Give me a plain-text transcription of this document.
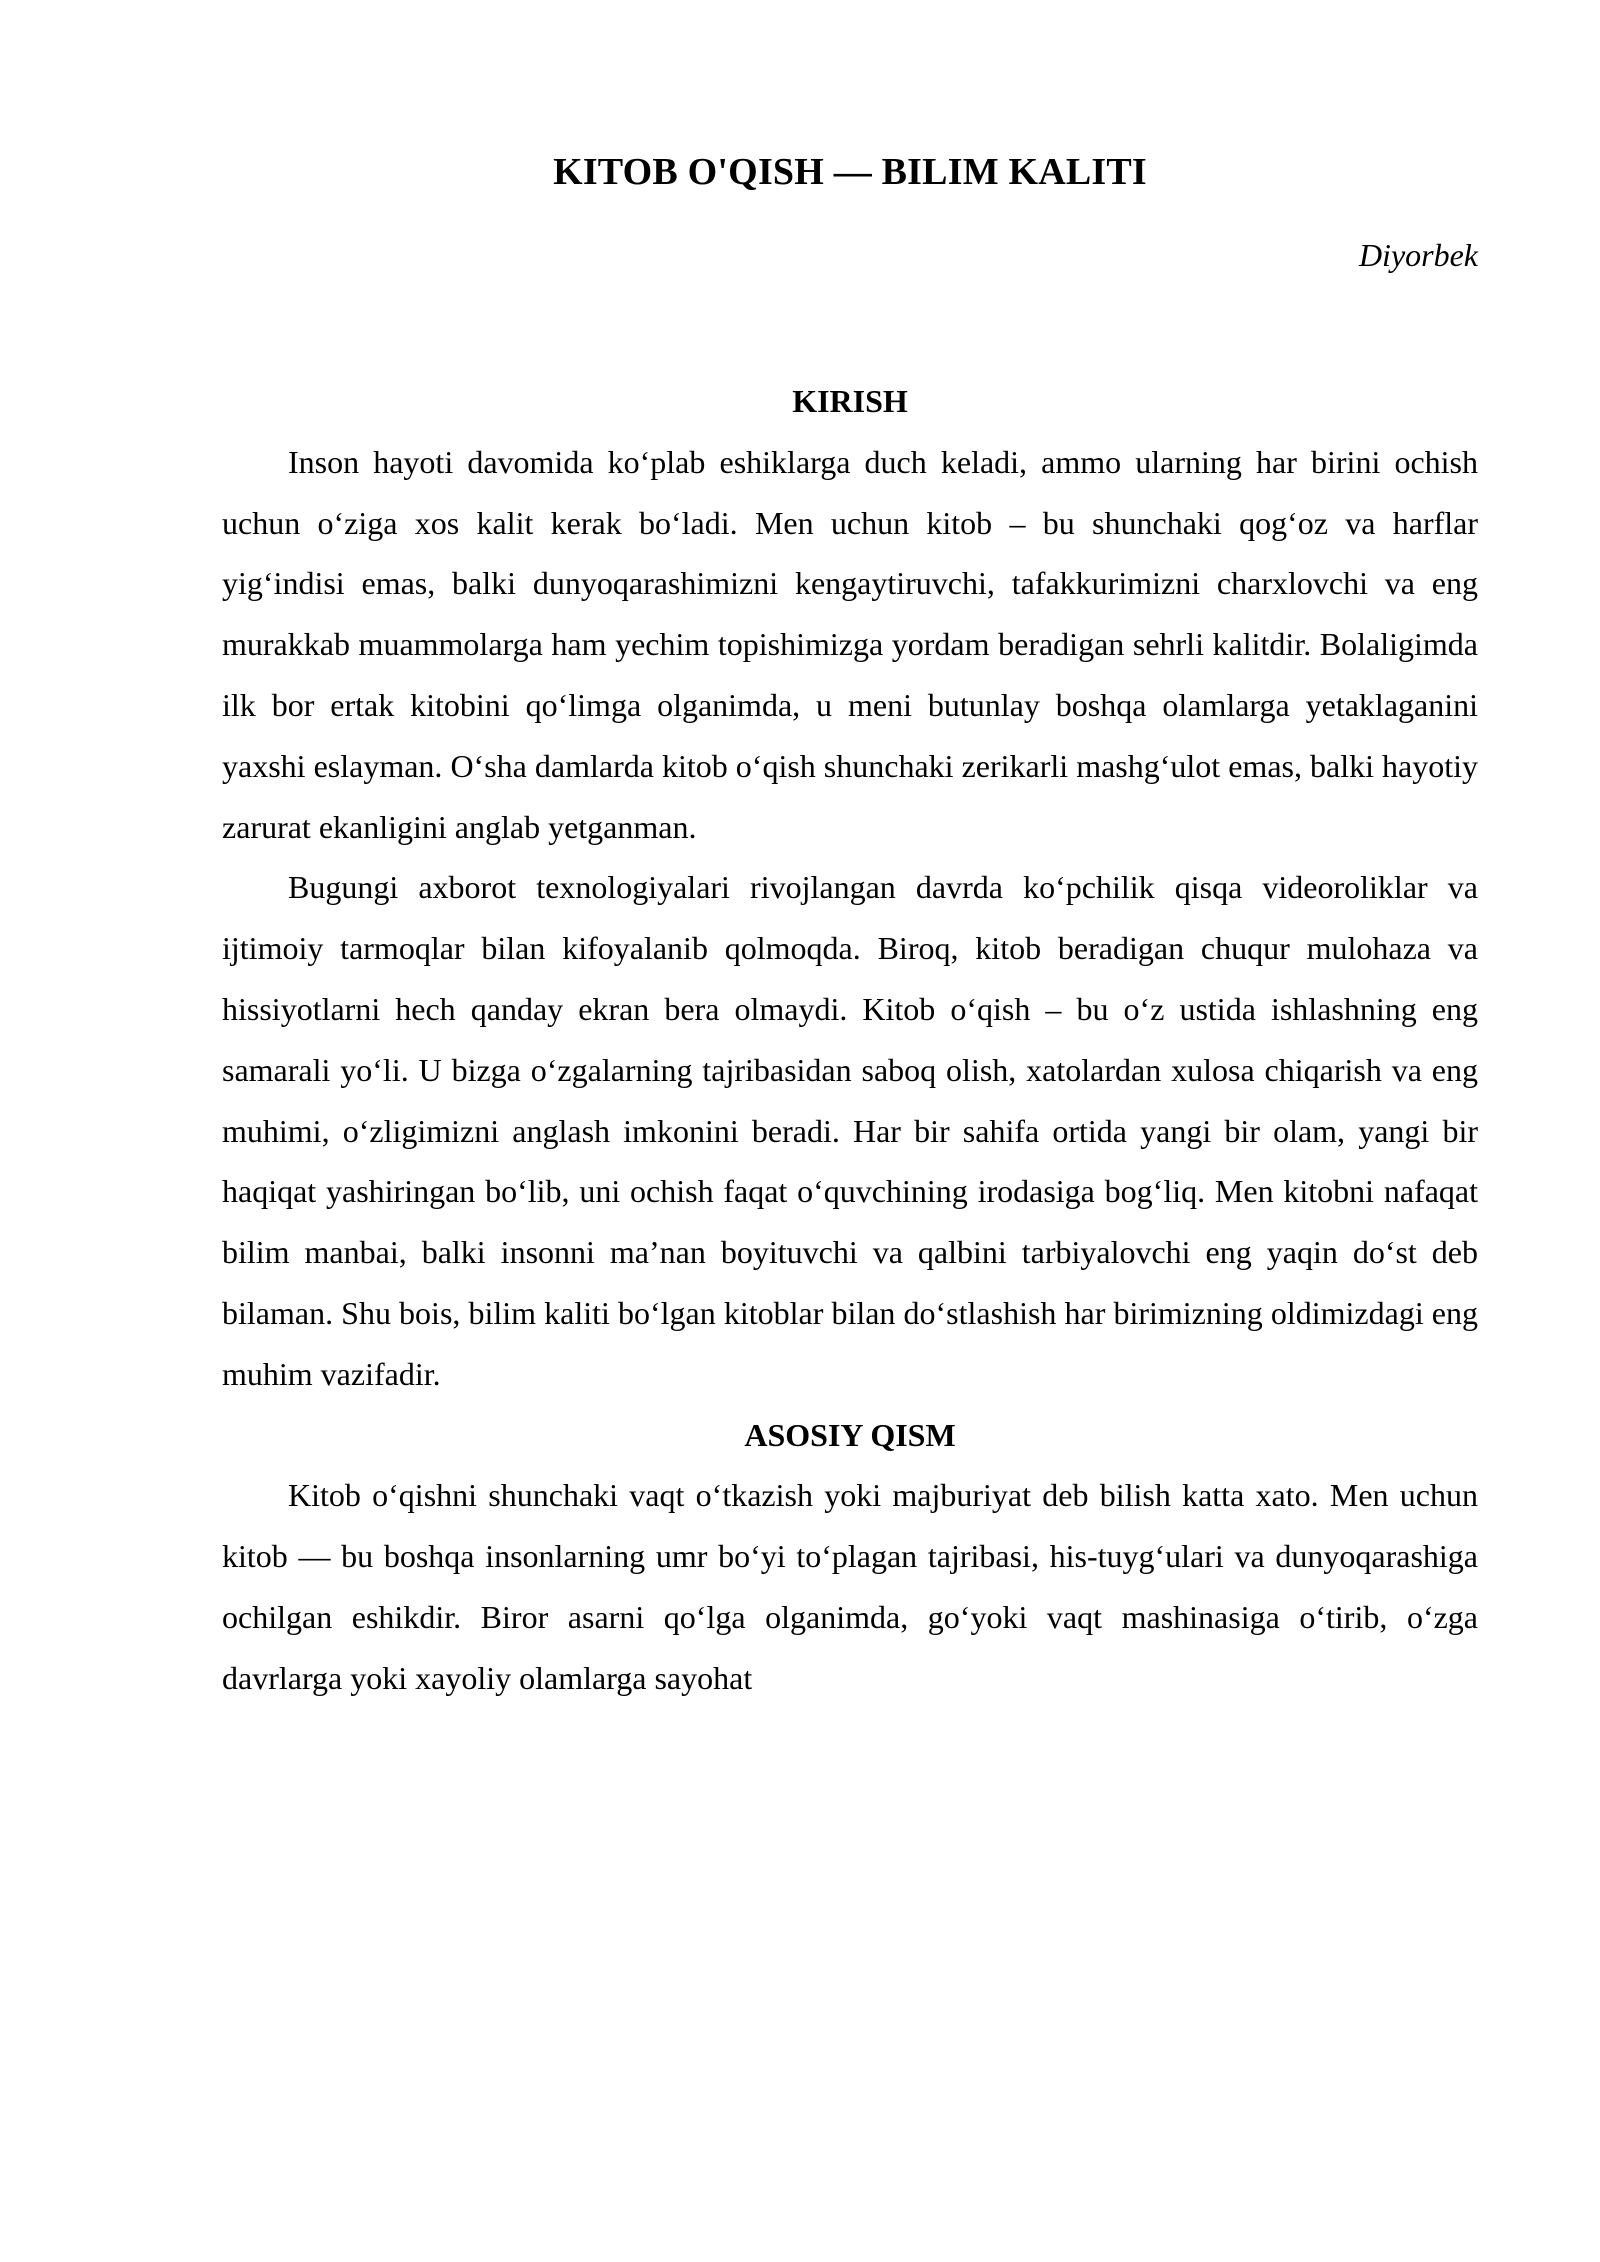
KITOB O'QISH — BILIM KALITI

Diyorbek

KIRISH

Inson hayoti davomida ko‘plab eshiklarga duch keladi, ammo ularning har birini ochish uchun o‘ziga xos kalit kerak bo‘ladi. Men uchun kitob – bu shunchaki qog‘oz va harflar yig‘indisi emas, balki dunyoqarashimizni kengaytiruvchi, tafakkurimizni charxlovchi va eng murakkab muammolarga ham yechim topishimizga yordam beradigan sehrli kalitdir. Bolaligimda ilk bor ertak kitobini qo‘limga olganimda, u meni butunlay boshqa olamlarga yetaklaganini yaxshi eslayman. O‘sha damlarda kitob o‘qish shunchaki zerikarli mashg‘ulot emas, balki hayotiy zarurat ekanligini anglab yetganman.

Bugungi axborot texnologiyalari rivojlangan davrda ko‘pchilik qisqa videoroliklar va ijtimoiy tarmoqlar bilan kifoyalanib qolmoqda. Biroq, kitob beradigan chuqur mulohaza va hissiyotlarni hech qanday ekran bera olmaydi. Kitob o‘qish – bu o‘z ustida ishlashning eng samarali yo‘li. U bizga o‘zgalarning tajribasidan saboq olish, xatolardan xulosa chiqarish va eng muhimi, o‘zligimizni anglash imkonini beradi. Har bir sahifa ortida yangi bir olam, yangi bir haqiqat yashiringan bo‘lib, uni ochish faqat o‘quvchining irodasiga bog‘liq. Men kitobni nafaqat bilim manbai, balki insonni ma’nan boyituvchi va qalbini tarbiyalovchi eng yaqin do‘st deb bilaman. Shu bois, bilim kaliti bo‘lgan kitoblar bilan do‘stlashish har birimizning oldimizdagi eng muhim vazifadir.

ASOSIY QISM

Kitob o‘qishni shunchaki vaqt o‘tkazish yoki majburiyat deb bilish katta xato. Men uchun kitob — bu boshqa insonlarning umr bo‘yi to‘plagan tajribasi, his-tuyg‘ulari va dunyoqarashiga ochilgan eshikdir. Biror asarni qo‘lga olganimda, go‘yoki vaqt mashinasiga o‘tirib, o‘zga davrlarga yoki xayoliy olamlarga sayohat
